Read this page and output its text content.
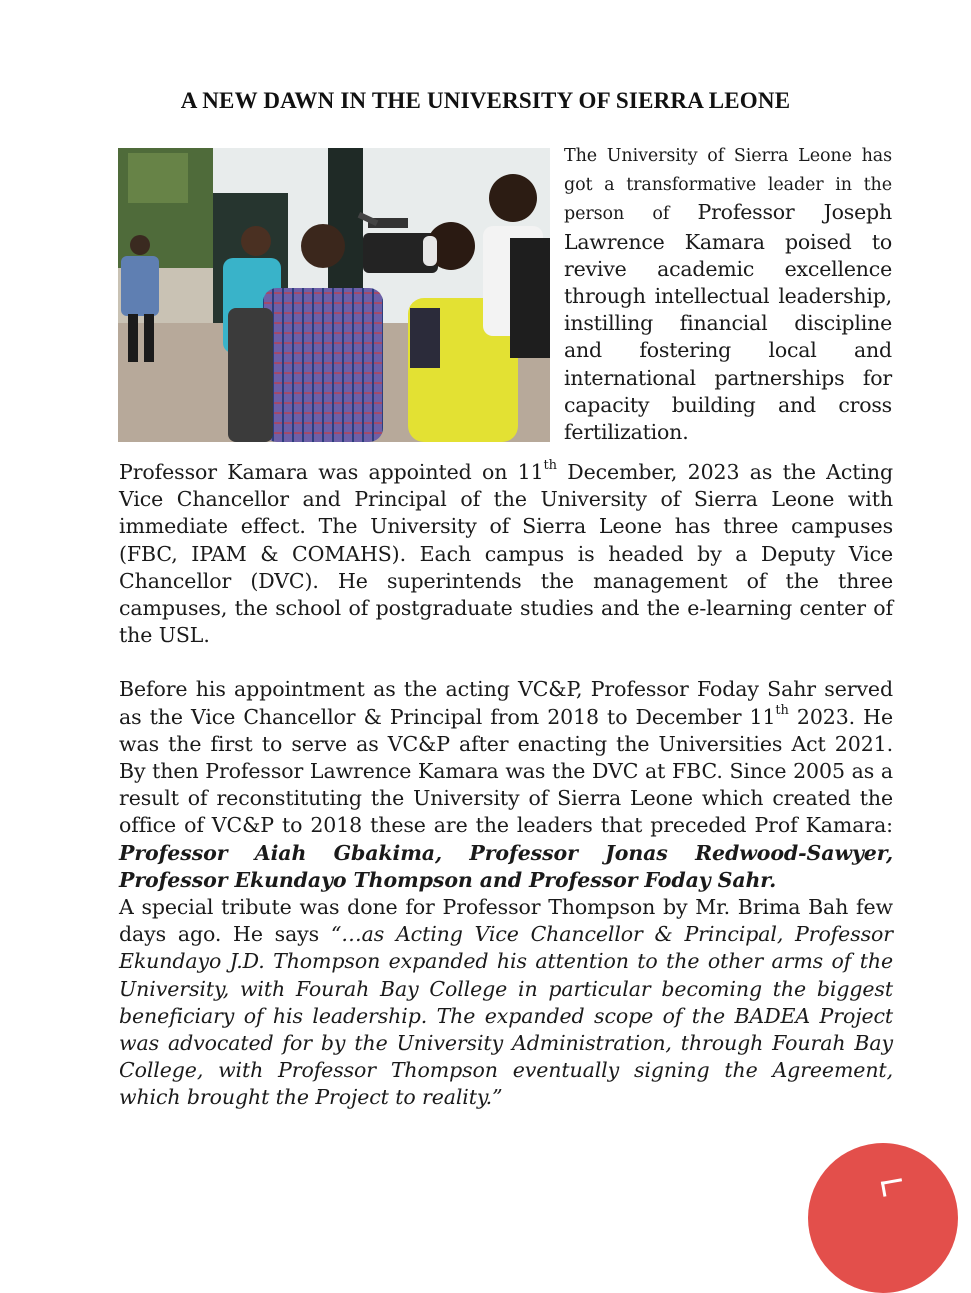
A NEW DAWN IN THE UNIVERSITY OF SIERRA LEONE
The University of Sierra Leone has got a transformative leader in the person of Professor Joseph Lawrence Kamara poised to revive academic excellence through intellectual leadership, instilling financial discipline and fostering local and international partnerships for capacity building and cross fertilization.

Professor Kamara was appointed on 11th December, 2023 as the Acting Vice Chancellor and Principal of the University of Sierra Leone with immediate effect. The University of Sierra Leone has three campuses (FBC, IPAM & COMAHS). Each campus is headed by a Deputy Vice Chancellor (DVC). He superintends the management of the three campuses, the school of postgraduate studies and the e-learning center of the USL.

Before his appointment as the acting VC&P, Professor Foday Sahr served as the Vice Chancellor & Principal from 2018 to December 11th 2023. He was the first to serve as VC&P after enacting the Universities Act 2021. By then Professor Lawrence Kamara was the DVC at FBC. Since 2005 as a result of reconstituting the University of Sierra Leone which created the office of VC&P to 2018 these are the leaders that preceded Prof Kamara: Professor Aiah Gbakima, Professor Jonas Redwood-Sawyer, Professor Ekundayo Thompson and Professor Foday Sahr.

A special tribute was done for Professor Thompson by Mr. Brima Bah few days ago. He says “…as Acting Vice Chancellor & Principal, Professor Ekundayo J.D. Thompson expanded his attention to the other arms of the University, with Fourah Bay College in particular becoming the biggest beneficiary of his leadership. The expanded scope of the BADEA Project was advocated for by the University Administration, through Fourah Bay College, with Professor Thompson eventually signing the Agreement, which brought the Project to reality.”
